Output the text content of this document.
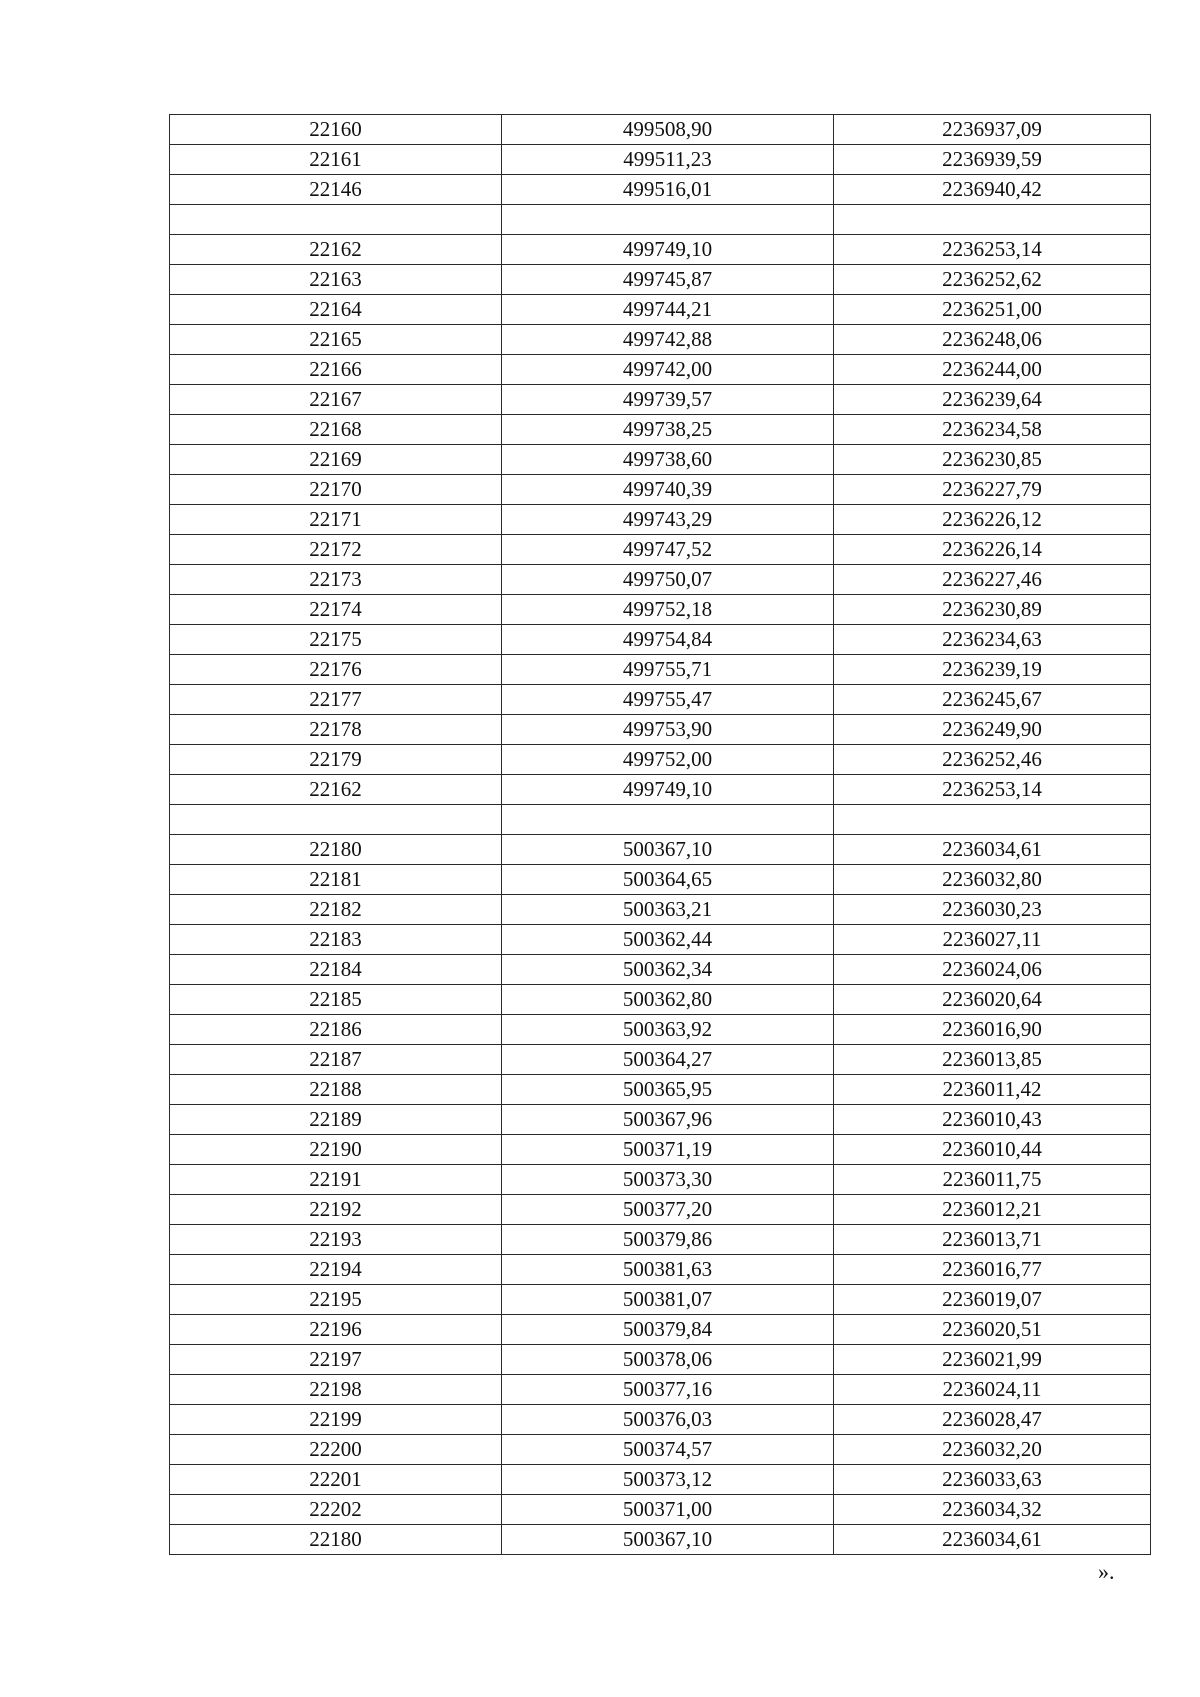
22160	499508,90	2236937,09
22161	499511,23	2236939,59
22146	499516,01	2236940,42

22162	499749,10	2236253,14
22163	499745,87	2236252,62
22164	499744,21	2236251,00
22165	499742,88	2236248,06
22166	499742,00	2236244,00
22167	499739,57	2236239,64
22168	499738,25	2236234,58
22169	499738,60	2236230,85
22170	499740,39	2236227,79
22171	499743,29	2236226,12
22172	499747,52	2236226,14
22173	499750,07	2236227,46
22174	499752,18	2236230,89
22175	499754,84	2236234,63
22176	499755,71	2236239,19
22177	499755,47	2236245,67
22178	499753,90	2236249,90
22179	499752,00	2236252,46
22162	499749,10	2236253,14

22180	500367,10	2236034,61
22181	500364,65	2236032,80
22182	500363,21	2236030,23
22183	500362,44	2236027,11
22184	500362,34	2236024,06
22185	500362,80	2236020,64
22186	500363,92	2236016,90
22187	500364,27	2236013,85
22188	500365,95	2236011,42
22189	500367,96	2236010,43
22190	500371,19	2236010,44
22191	500373,30	2236011,75
22192	500377,20	2236012,21
22193	500379,86	2236013,71
22194	500381,63	2236016,77
22195	500381,07	2236019,07
22196	500379,84	2236020,51
22197	500378,06	2236021,99
22198	500377,16	2236024,11
22199	500376,03	2236028,47
22200	500374,57	2236032,20
22201	500373,12	2236033,63
22202	500371,00	2236034,32
22180	500367,10	2236034,61
».
